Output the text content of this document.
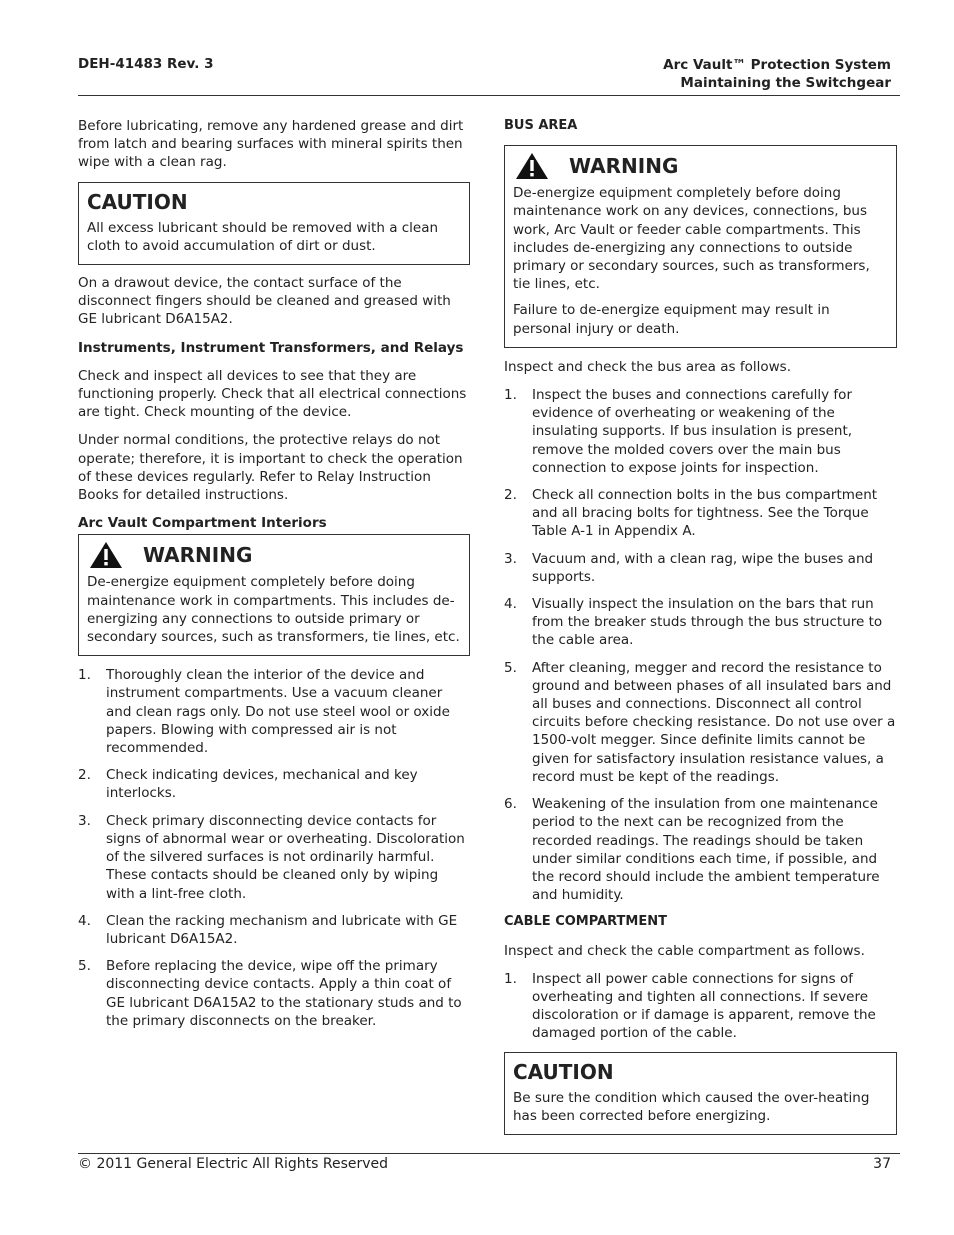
DEH-41483 Rev. 3	Arc Vault™ Protection System
Maintaining the Switchgear

Before lubricating, remove any hardened grease and dirt from latch and bearing surfaces with mineral spirits then wipe with a clean rag.

CAUTION

All excess lubricant should be removed with a clean cloth to avoid accumulation of dirt or dust.

On a drawout device, the contact surface of the disconnect fingers should be cleaned and greased with GE lubricant D6A15A2.

Instruments, Instrument Transformers, and Relays

Check and inspect all devices to see that they are functioning properly. Check that all electrical connections are tight. Check mounting of the device.

Under normal conditions, the protective relays do not operate; therefore, it is important to check the operation of these devices regularly. Refer to Relay Instruction Books for detailed instructions.

Arc Vault Compartment Interiors
WARNING

De-energize equipment completely before doing maintenance work in compartments. This includes de-energizing any connections to outside primary or secondary sources, such as transformers, tie lines, etc.

1.	Thoroughly clean the interior of the device and instrument compartments. Use a vacuum cleaner and clean rags only. Do not use steel wool or oxide papers. Blowing with compressed air is not recommended.
2.	Check indicating devices, mechanical and key interlocks.
3.	Check primary disconnecting device contacts for signs of abnormal wear or overheating. Discoloration of the silvered surfaces is not ordinarily harmful. These contacts should be cleaned only by wiping with a lint-free cloth.
4.	Clean the racking mechanism and lubricate with GE lubricant D6A15A2.
5.	Before replacing the device, wipe off the primary disconnecting device contacts. Apply a thin coat of GE lubricant D6A15A2 to the stationary studs and to the primary disconnects on the breaker.
BUS AREA
WARNING

De-energize equipment completely before doing maintenance work on any devices, connections, bus work, Arc Vault or feeder cable compartments. This includes de-energizing any connections to outside primary or secondary sources, such as transformers, tie lines, etc.

Failure to de-energize equipment may result in personal injury or death.

Inspect and check the bus area as follows.

1.	Inspect the buses and connections carefully for evidence of overheating or weakening of the insulating supports. If bus insulation is present, remove the molded covers over the main bus connection to expose joints for inspection.
2.	Check all connection bolts in the bus compartment and all bracing bolts for tightness. See the Torque Table A-1 in Appendix A.
3.	Vacuum and, with a clean rag, wipe the buses and supports.
4.	Visually inspect the insulation on the bars that run from the breaker studs through the bus structure to the cable area.
5.	After cleaning, megger and record the resistance to ground and between phases of all insulated bars and all buses and connections. Disconnect all control circuits before checking resistance. Do not use over a 1500-volt megger. Since definite limits cannot be given for satisfactory insulation resistance values, a record must be kept of the readings.
6.	Weakening of the insulation from one maintenance period to the next can be recognized from the recorded readings. The readings should be taken under similar conditions each time, if possible, and the record should include the ambient temperature and humidity.
CABLE COMPARTMENT

Inspect and check the cable compartment as follows.

1.	Inspect all power cable connections for signs of overheating and tighten all connections. If severe discoloration or if damage is apparent, remove the damaged portion of the cable.
CAUTION

Be sure the condition which caused the over-heating has been corrected before energizing.

© 2011 General Electric All Rights Reserved	37
